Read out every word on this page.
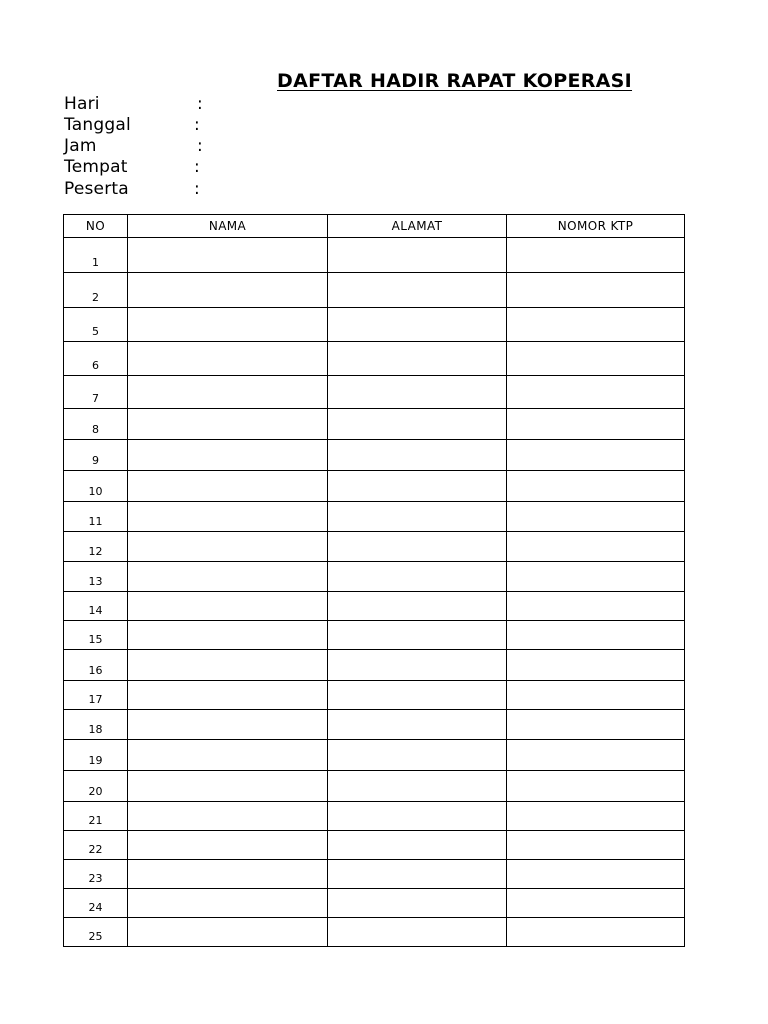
DAFTAR HADIR RAPAT KOPERASI
Hari	:
Tanggal	:
Jam	:
Tempat	:
Peserta	:
NO	NAMA	ALAMAT	NOMOR KTP
1			
2			
5			
6			
7			
8			
9			
10			
11			
12			
13			
14			
15			
16			
17			
18			
19			
20			
21			
22			
23			
24			
25			
